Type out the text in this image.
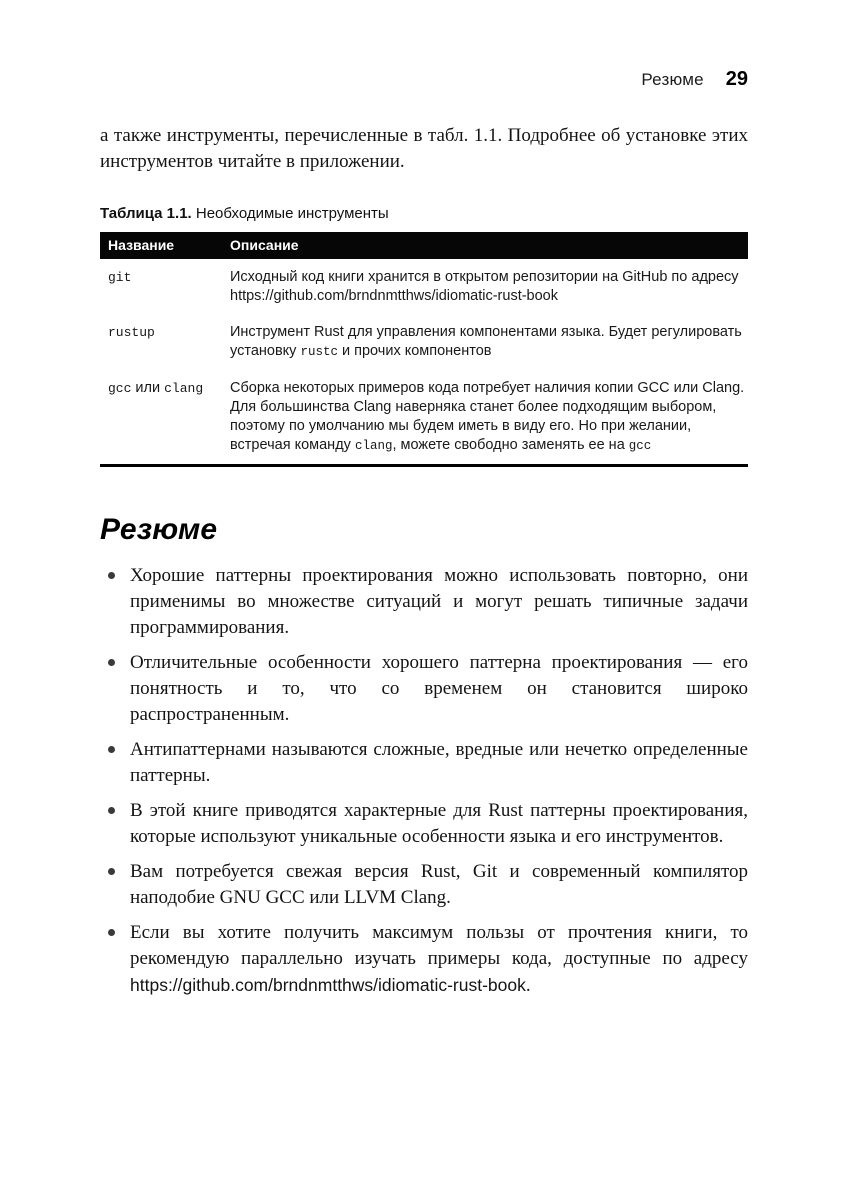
Резюме 29

а также инструменты, перечисленные в табл. 1.1. Подробнее об установке этих инструментов читайте в приложении.

Таблица 1.1. Необходимые инструменты

Название	Описание
git	Исходный код книги хранится в открытом репозитории на GitHub по адресу https://github.com/brndnmtthws/idiomatic-rust-book
rustup	Инструмент Rust для управления компонентами языка. Будет регулировать установку rustc и прочих компонентов
gcc или clang	Сборка некоторых примеров кода потребует наличия копии GCC или Clang. Для большинства Clang наверняка станет более подходящим выбором, поэтому по умолчанию мы будем иметь в виду его. Но при желании, встречая команду clang, можете свободно заменять ее на gcc
Резюме
Хорошие паттерны проектирования можно использовать повторно, они применимы во множестве ситуаций и могут решать типичные задачи программирования.
Отличительные особенности хорошего паттерна проектирования — его понятность и то, что со временем он становится широко распространенным.
Антипаттернами называются сложные, вредные или нечетко определенные паттерны.
В этой книге приводятся характерные для Rust паттерны проектирования, которые используют уникальные особенности языка и его инструментов.
Вам потребуется свежая версия Rust, Git и современный компилятор наподобие GNU GCC или LLVM Clang.
Если вы хотите получить максимум пользы от прочтения книги, то рекомендую параллельно изучать примеры кода, доступные по адресу https://github.com/brndnmtthws/idiomatic-rust-book.
